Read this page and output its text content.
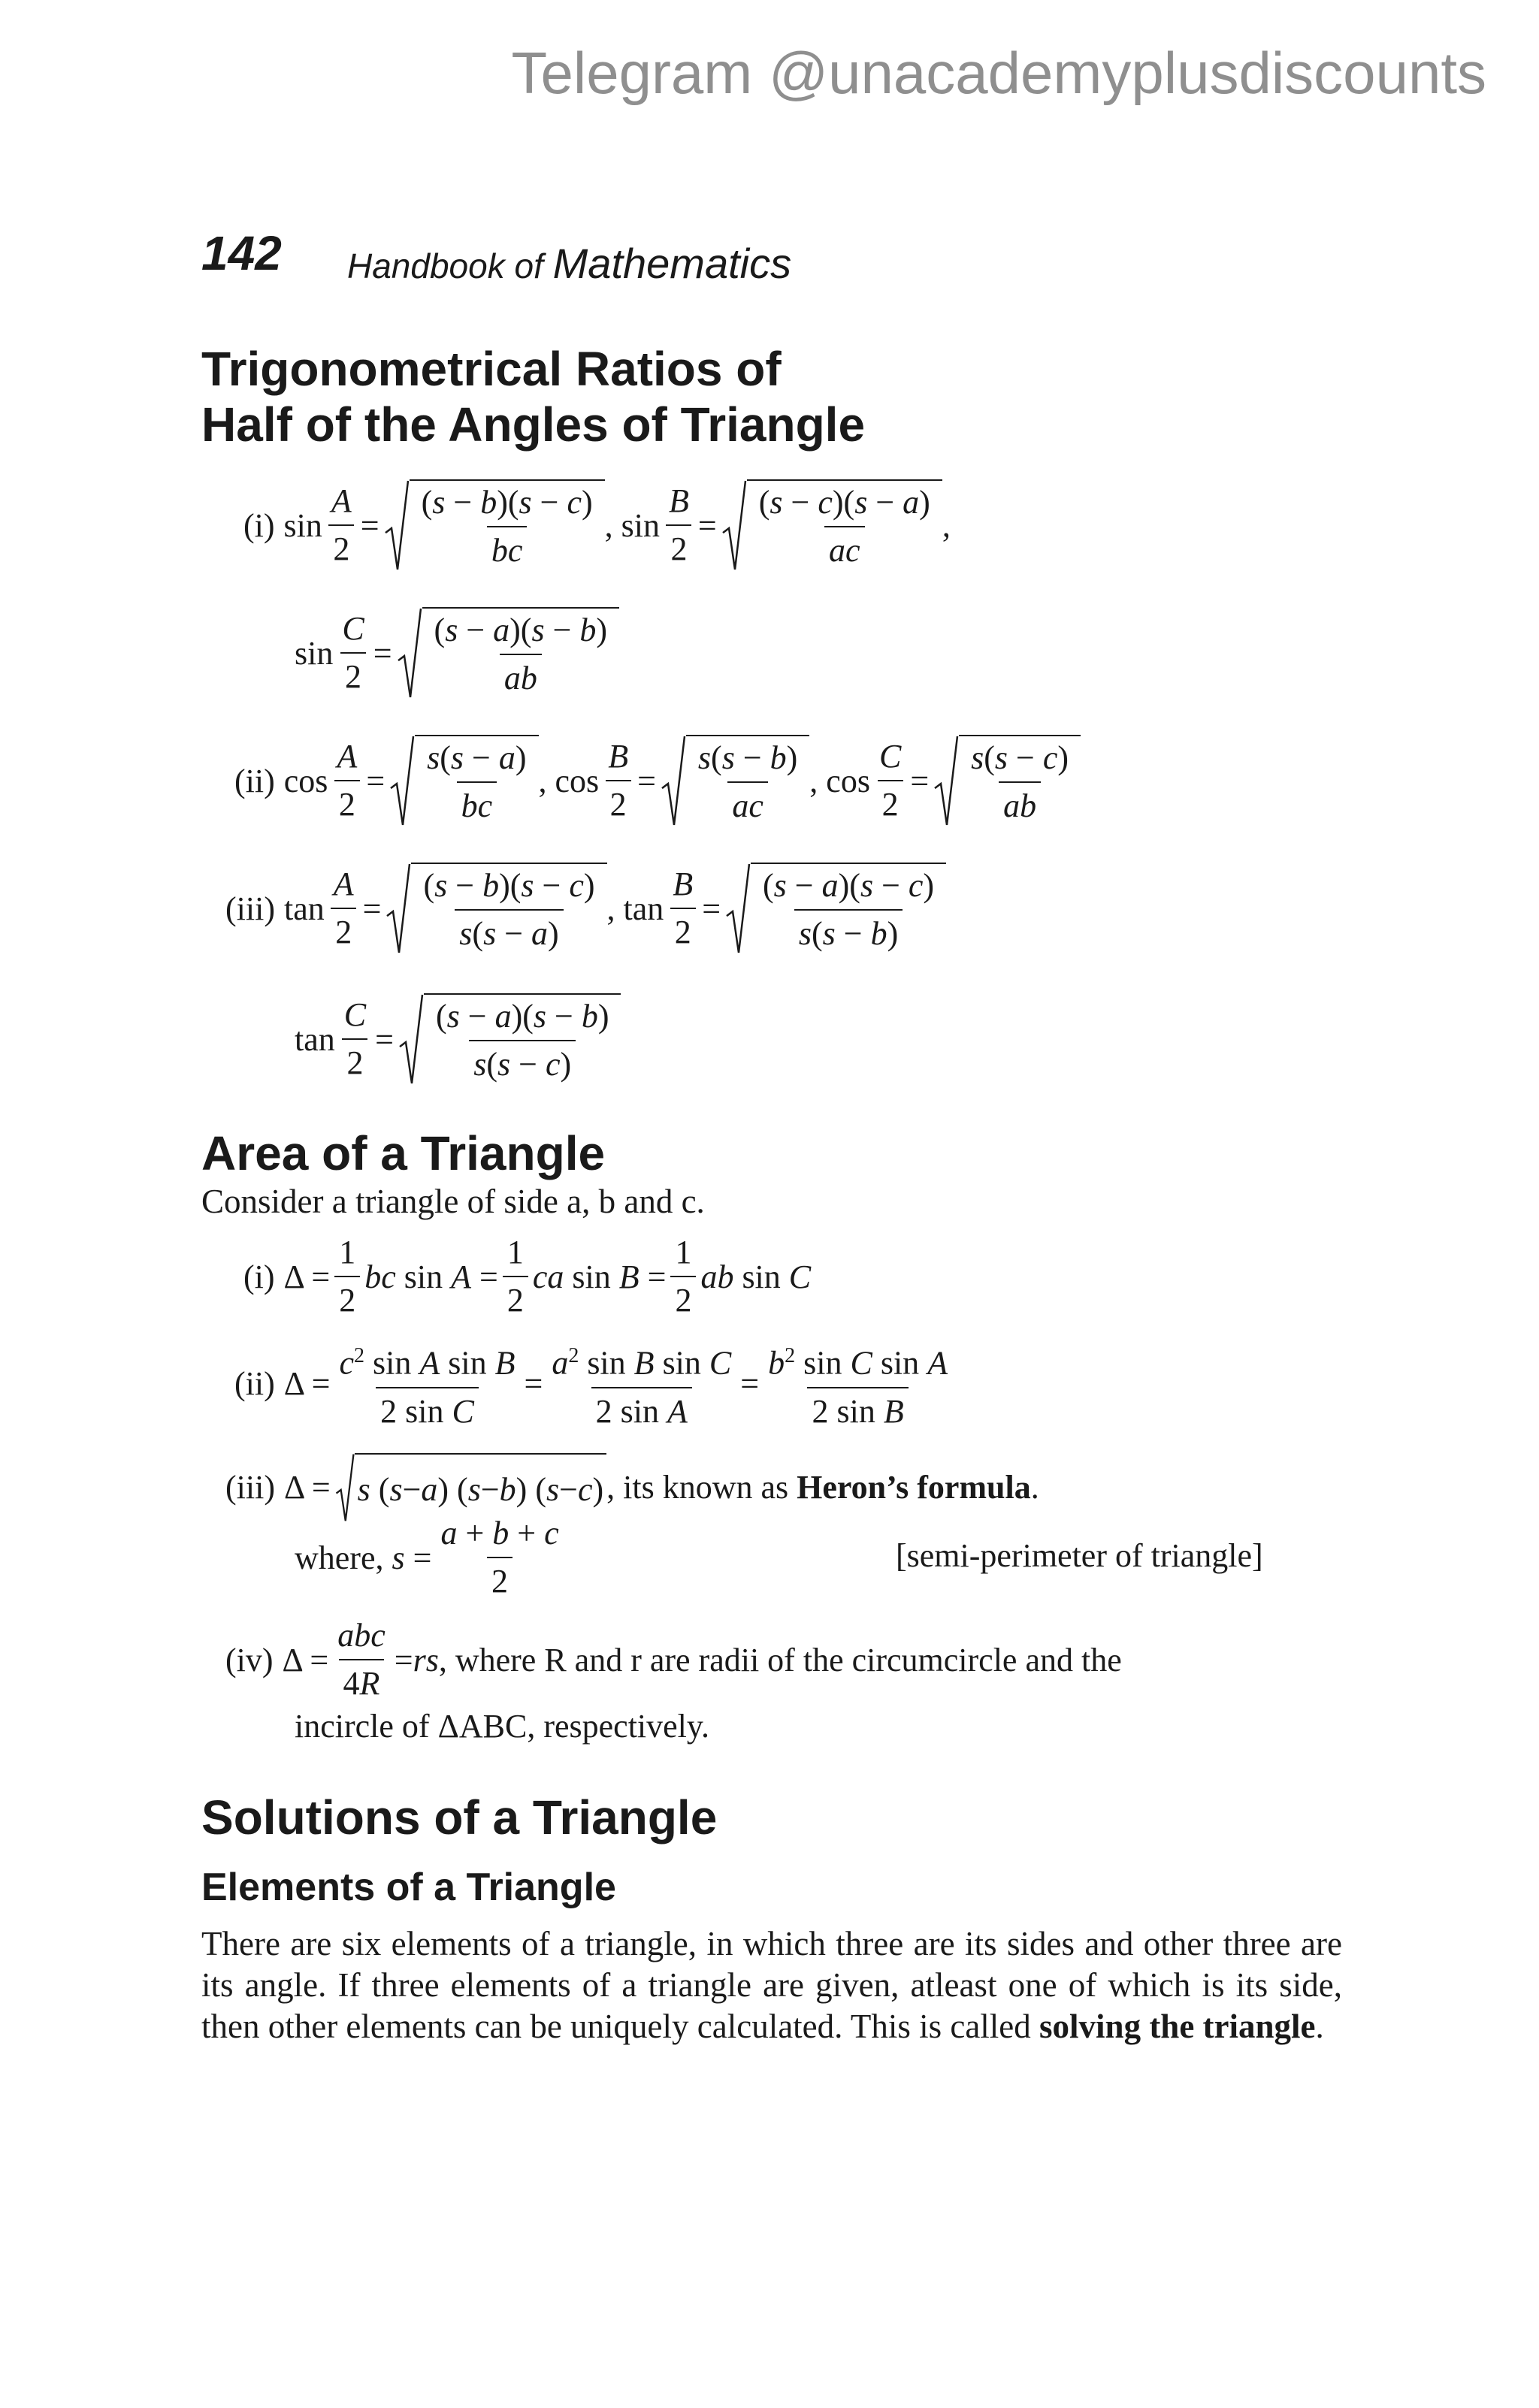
Telegram @unacademyplusdiscounts
142 Handbook of Mathematics
Trigonometrical Ratios of
Half of the Angles of Triangle
(i) $\sin \frac{A}{2} = \frac{(s - b)(s - c)}{bc}$ , $\sin \frac{B}{2} = \frac{(s - c)(s - a)}{ac}$ ,
$\sin \frac{C}{2} = \frac{(s - a)(s - b)}{ab}$
(ii) $\cos \frac{A}{2} = \frac{s(s - a)}{bc}$ , $\cos \frac{B}{2} = \frac{s(s - b)}{ac}$ , $\cos \frac{C}{2} = \frac{s(s - c)}{ab}$
(iii) $\tan \frac{A}{2} = \frac{(s - b)(s - c)}{s(s - a)}$ , $\tan \frac{B}{2} = \frac{(s - a)(s - c)}{s(s - b)}$
$\tan \frac{C}{2} = \frac{(s - a)(s - b)}{s(s - c)}$
Area of a Triangle
Consider a triangle of side a, b and c.
(i) $\Delta = \frac{1}{2}$ bc $\sin A = \frac{1}{2}$ ca $\sin B = \frac{1}{2}$ ab sin C
(ii) $\Delta = \frac{c^2 \sin A \sin B}{\text{2 sin C}} = \frac{a^2 \sin B \sin C}{\text{2 sin A}} = \frac{b^2 \sin C \sin A}{\text{2 sin B}}$
(iii) Δ = s ( s − a ) ( s − b ) ( s − c ) , its known as
Heron’s formula .
where,
$s = \frac{a + b + c}{2}$	[semi-perimeter of triangle]
(iv) $\Delta = \frac{\text{abc}}{4R}$ = rs , where R and r are radii of the circumcircle and the
incircle of ΔABC, respectively.
Solutions of a Triangle
Elements of a Triangle
There are six elements of a triangle, in which three are its sides and other three are its angle. If three elements of a triangle are given, atleast one of which is its side, then other elements can be uniquely calculated. This is called solving the triangle.
